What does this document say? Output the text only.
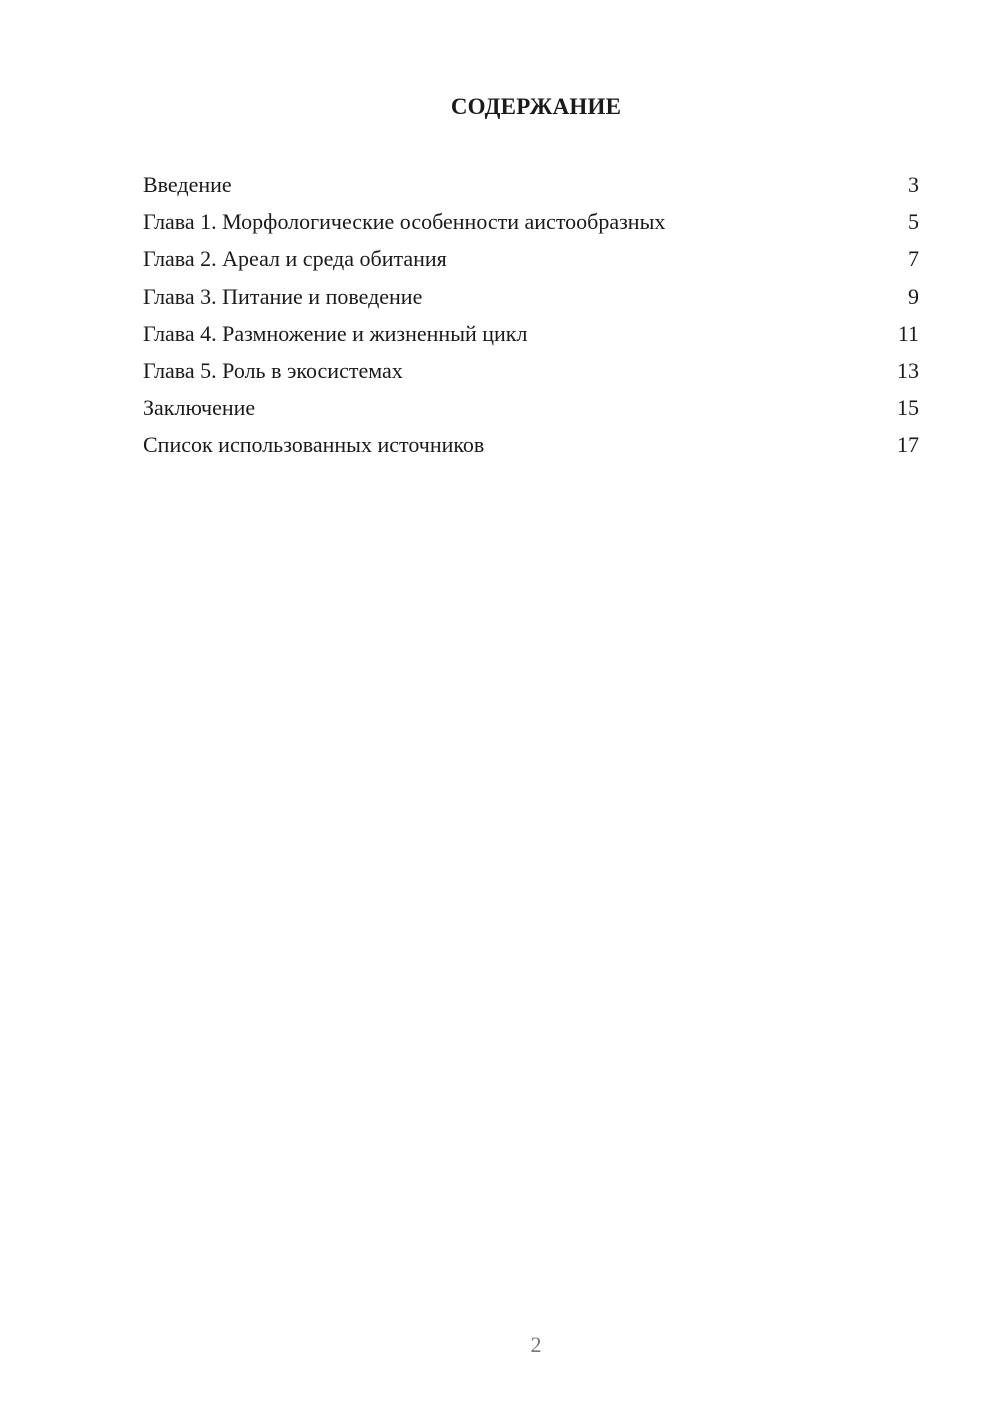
СОДЕРЖАНИЕ
Введение	3
Глава 1. Морфологические особенности аистообразных	5
Глава 2. Ареал и среда обитания	7
Глава 3. Питание и поведение	9
Глава 4. Размножение и жизненный цикл	11
Глава 5. Роль в экосистемах	13
Заключение	15
Список использованных источников	17
2
